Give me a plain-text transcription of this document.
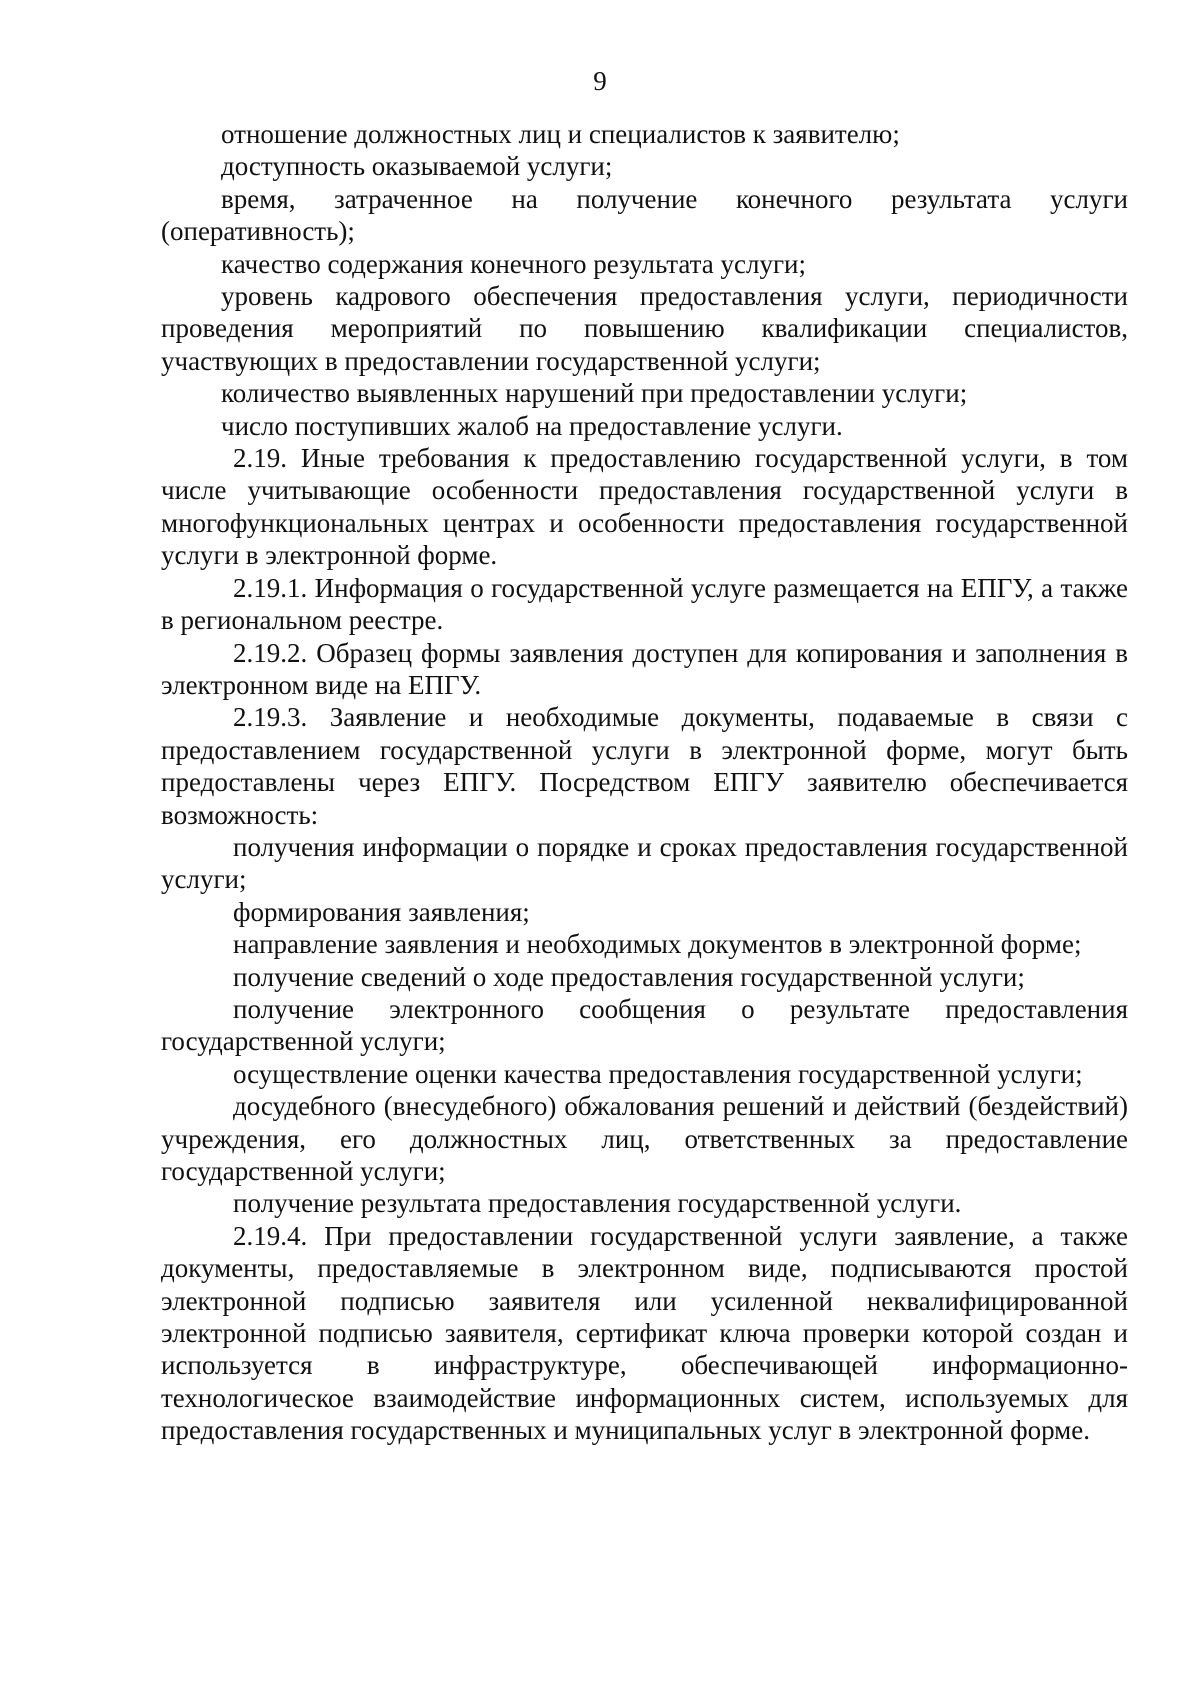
9

отношение должностных лиц и специалистов к заявителю;

доступность оказываемой услуги;

время, затраченное на получение конечного результата услуги (оперативность);

качество содержания конечного результата услуги;

уровень кадрового обеспечения предоставления услуги, периодичности проведения мероприятий по повышению квалификации специалистов, участвующих в предоставлении государственной услуги;

количество выявленных нарушений при предоставлении услуги;

число поступивших жалоб на предоставление услуги.

2.19. Иные требования к предоставлению государственной услуги, в том числе учитывающие особенности предоставления государственной услуги в многофункциональных центрах и особенности предоставления государственной услуги в электронной форме.

2.19.1. Информация о государственной услуге размещается на ЕПГУ, а также в региональном реестре.

2.19.2. Образец формы заявления доступен для копирования и заполнения в электронном виде на ЕПГУ.

2.19.3. Заявление и необходимые документы, подаваемые в связи с предоставлением государственной услуги в электронной форме, могут быть предоставлены через ЕПГУ. Посредством ЕПГУ заявителю обеспечивается возможность:

получения информации о порядке и сроках предоставления государственной услуги;

формирования заявления;

направление заявления и необходимых документов в электронной форме;

получение сведений о ходе предоставления государственной услуги;

получение электронного сообщения о результате предоставления государственной услуги;

осуществление оценки качества предоставления государственной услуги;

досудебного (внесудебного) обжалования решений и действий (бездействий) учреждения, его должностных лиц, ответственных за предоставление государственной услуги;

получение результата предоставления государственной услуги.

2.19.4. При предоставлении государственной услуги заявление, а также документы, предоставляемые в электронном виде, подписываются простой электронной подписью заявителя или усиленной неквалифицированной электронной подписью заявителя, сертификат ключа проверки которой создан и используется в инфраструктуре, обеспечивающей информационно-технологическое взаимодействие информационных систем, используемых для предоставления государственных и муниципальных услуг в электронной форме.
